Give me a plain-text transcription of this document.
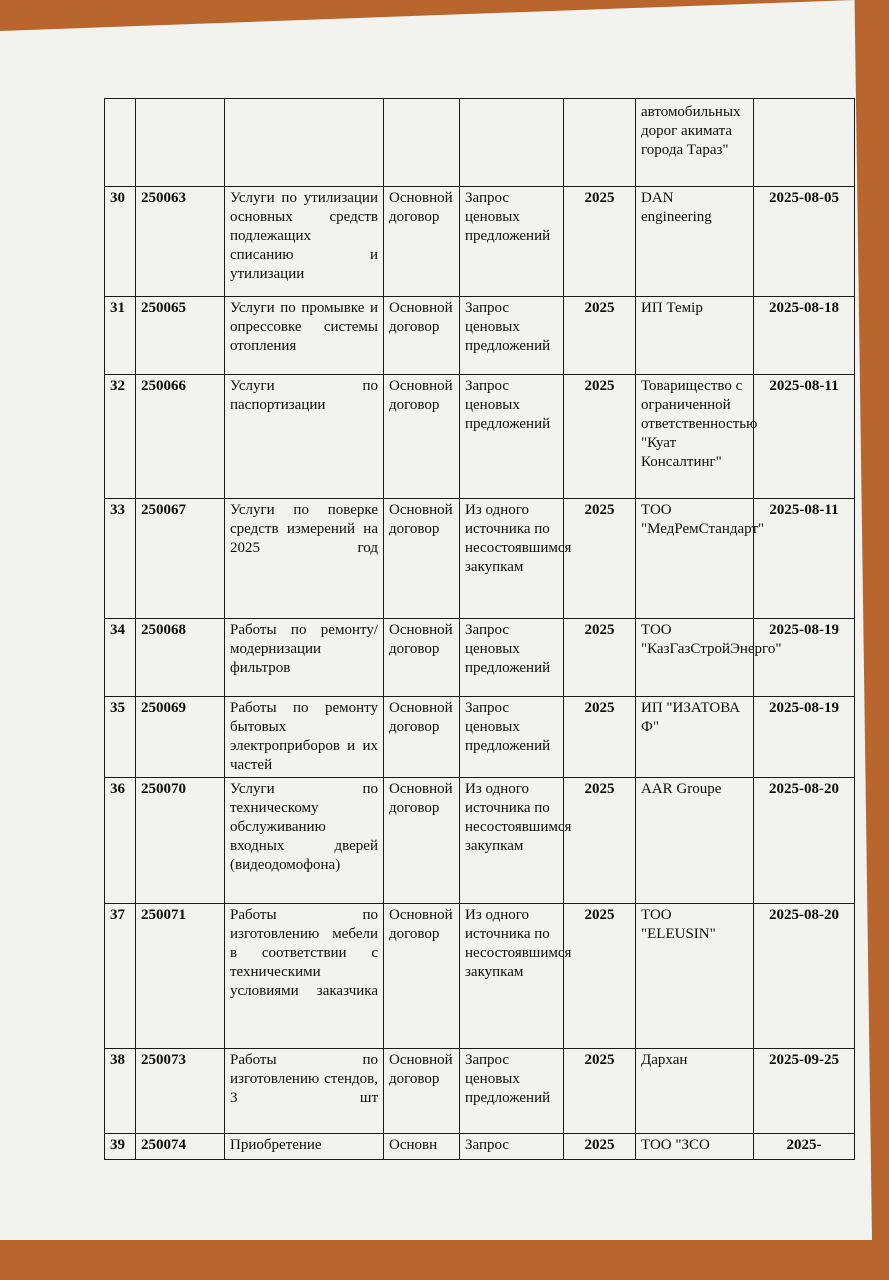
						автомобильных дорог акимата города Тараз"	
30	250063	Услуги по утилизации основных средств подлежащих списанию и утилизации	Основной договор	Запрос ценовых предложений	2025	DAN engineering	2025-08-05
31	250065	Услуги по промывке и опрессовке системы отопления	Основной договор	Запрос ценовых предложений	2025	ИП Темір	2025-08-18
32	250066	Услуги по паспортизации	Основной договор	Запрос ценовых предложений	2025	Товарищество с ограниченной ответственностью "Куат Консалтинг"	2025-08-11
33	250067	Услуги по поверке средств измерений на 2025 год	Основной договор	Из одного источника по несостоявшимся закупкам	2025	ТОО "МедРемСтандарт"	2025-08-11
34	250068	Работы по ремонту/модернизации фильтров	Основной договор	Запрос ценовых предложений	2025	ТОО "КазГазСтройЭнерго"	2025-08-19
35	250069	Работы по ремонту бытовых электроприборов и их частей	Основной договор	Запрос ценовых предложений	2025	ИП "ИЗАТОВА Ф"	2025-08-19
36	250070	Услуги по техническому обслуживанию входных дверей (видеодомофона)	Основной договор	Из одного источника по несостоявшимся закупкам	2025	AAR Groupe	2025-08-20
37	250071	Работы по изготовлению мебели в соответствии с техническими условиями заказчика	Основной договор	Из одного источника по несостоявшимся закупкам	2025	ТОО "ELEUSIN"	2025-08-20
38	250073	Работы по изготовлению стендов, 3 шт	Основной договор	Запрос ценовых предложений	2025	Дархан	2025-09-25
39	250074	Приобретение	Основн	Запрос	2025	ТОО "ЗСО	2025-
